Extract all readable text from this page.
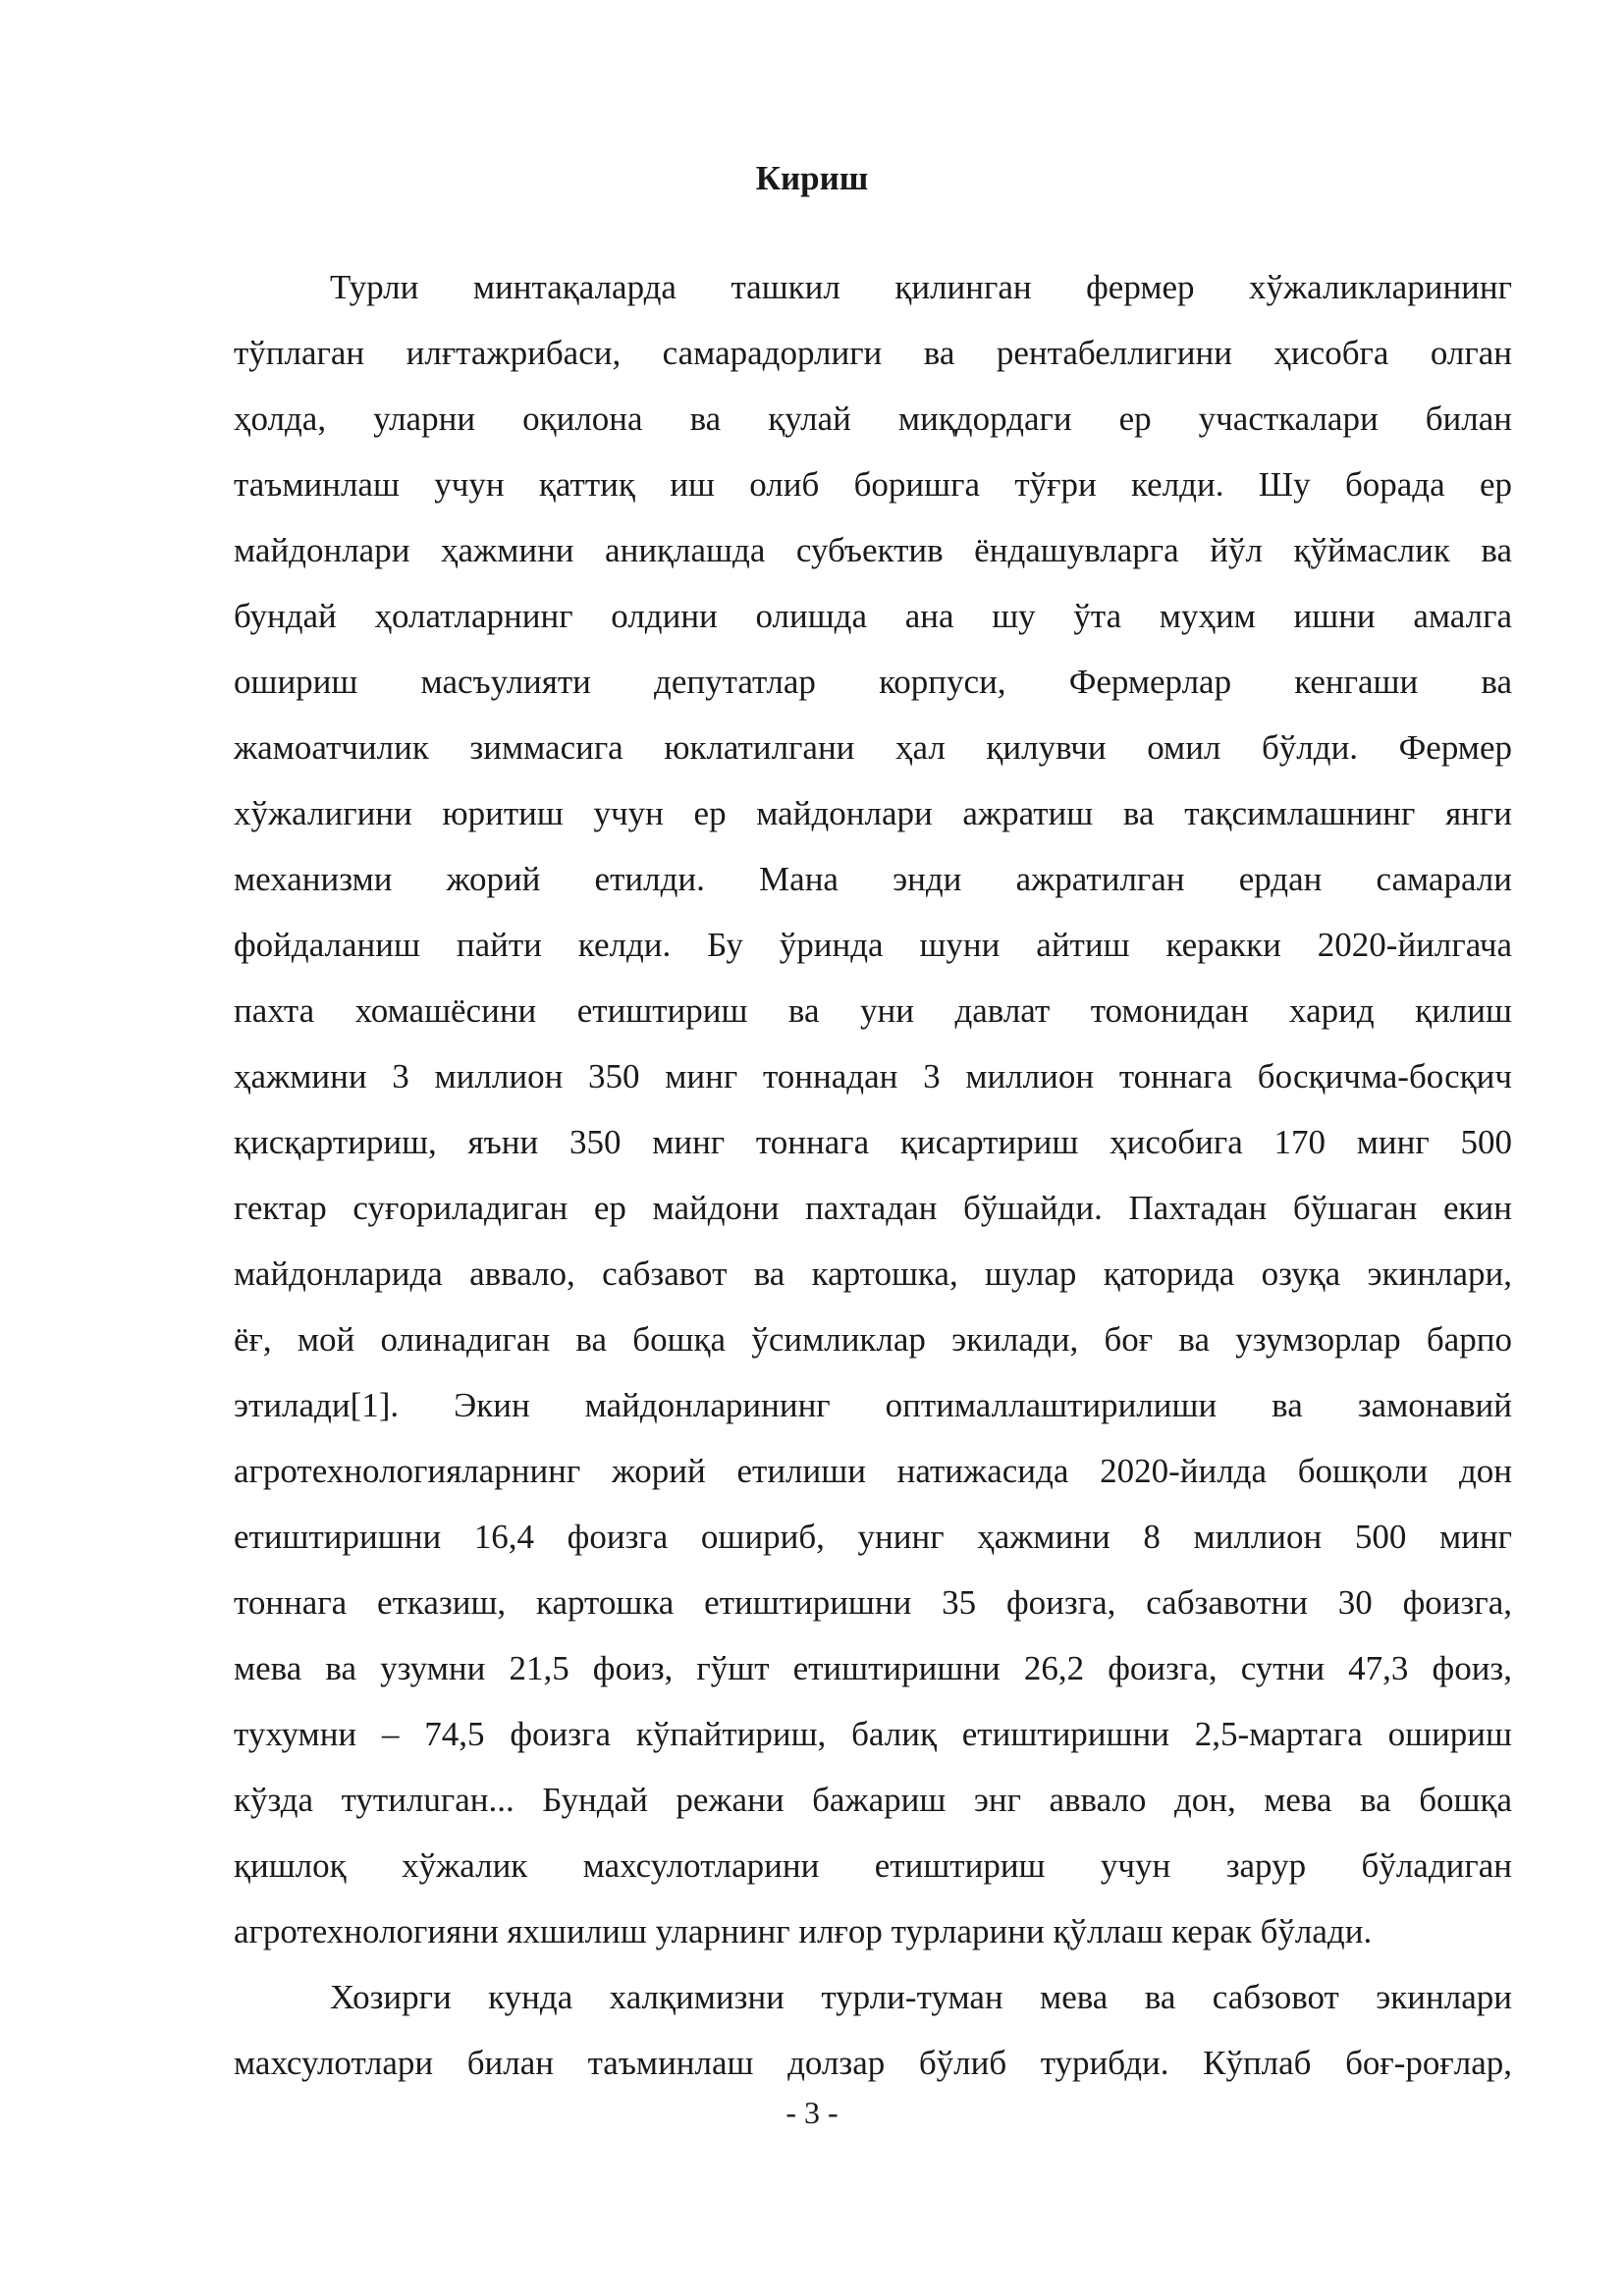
Кириш
Турли минтақаларда ташкил қилинган фермер хўжаликларининг
тўплаган илғтажрибаси, самарадорлиги ва рентабеллигини ҳисобга олган
ҳолда, уларни оқилона ва қулай миқдордаги ер участкалари билан
таъминлаш учун қаттиқ иш олиб боришга тўғри келди. Шу борада ер
майдонлари ҳажмини аниқлашда субъектив ёндашувларга йўл қўймаслик ва
бундай ҳолатларнинг олдини олишда ана шу ўта муҳим ишни амалга
ошириш масъулияти депутатлар корпуси, Фермерлар кенгаши ва
жамоатчилик зиммасига юклатилгани ҳал қилувчи омил бўлди. Фермер
хўжалигини юритиш учун ер майдонлари ажратиш ва тақсимлашнинг янги
механизми жорий етилди. Мана энди ажратилган ердан самарали
фойдаланиш пайти келди. Бу ўринда шуни айтиш керакки 2020-йилгача
пахта хомашёсини етиштириш ва уни давлат томонидан харид қилиш
ҳажмини 3 миллион 350 минг тоннадан 3 миллион тоннага босқичма-босқич
қисқартириш, яъни 350 минг тоннага қисартириш ҳисобига 170 минг 500
гектар суғориладиган ер майдони пахтадан бўшайди. Пахтадан бўшаган екин
майдонларида аввало, сабзавот ва картошка, шулар қаторида озуқа экинлари,
ёғ, мой олинадиган ва бошқа ўсимликлар экилади, боғ ва узумзорлар барпо
этилади[1]. Экин майдонларининг оптималлаштирилиши ва замонавий
агротехнологияларнинг жорий етилиши натижасида 2020-йилда бошқоли дон
етиштиришни 16,4 фоизга ошириб, унинг ҳажмини 8 миллион 500 минг
тоннага етказиш, картошка етиштиришни 35 фоизга, сабзавотни 30 фоизга,
мева ва узумни 21,5 фоиз, гўшт етиштиришни 26,2 фоизга, сутни 47,3 фоиз,
тухумни – 74,5 фоизга кўпайтириш, балиқ етиштиришни 2,5-мартага ошириш
кўзда тутилuган... Бундай режани бажариш энг аввало дон, мева ва бошқа
қишлоқ хўжалик махсулотларини етиштириш учун зарур бўладиган
агротехнологияни яхшилиш уларнинг илғор турларини қўллаш керак бўлади.
Хозирги кунда халқимизни турли-туман мева ва сабзовот экинлари
махсулотлари билан таъминлаш долзар бўлиб турибди. Кўплаб боғ-роғлар,

- 3 -
